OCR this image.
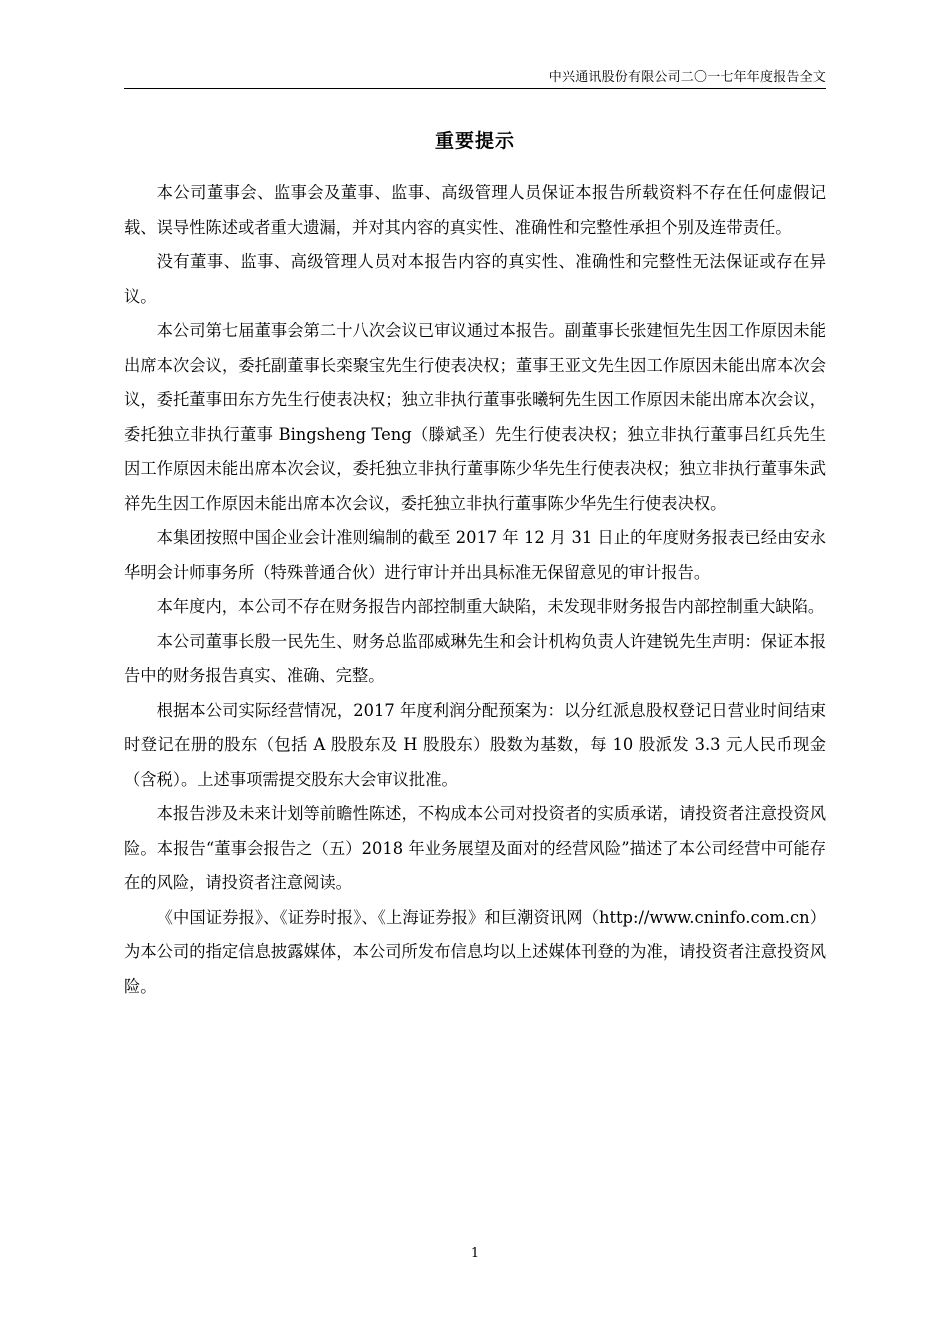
中兴通讯股份有限公司二〇一七年年度报告全文
重要提示

本公司董事会、监事会及董事、监事、高级管理人员保证本报告所载资料不存在任何虚假记载、误导性陈述或者重大遗漏，并对其内容的真实性、准确性和完整性承担个别及连带责任。

没有董事、监事、高级管理人员对本报告内容的真实性、准确性和完整性无法保证或存在异议。

本公司第七届董事会第二十八次会议已审议通过本报告。副董事长张建恒先生因工作原因未能出席本次会议，委托副董事长栾聚宝先生行使表决权；董事王亚文先生因工作原因未能出席本次会议，委托董事田东方先生行使表决权；独立非执行董事张曦轲先生因工作原因未能出席本次会议，委托独立非执行董事 Bingsheng Teng（滕斌圣）先生行使表决权；独立非执行董事吕红兵先生因工作原因未能出席本次会议，委托独立非执行董事陈少华先生行使表决权；独立非执行董事朱武祥先生因工作原因未能出席本次会议，委托独立非执行董事陈少华先生行使表决权。

本集团按照中国企业会计准则编制的截至 2017 年 12 月 31 日止的年度财务报表已经由安永华明会计师事务所（特殊普通合伙）进行审计并出具标准无保留意见的审计报告。

本年度内，本公司不存在财务报告内部控制重大缺陷，未发现非财务报告内部控制重大缺陷。

本公司董事长殷一民先生、财务总监邵威琳先生和会计机构负责人许建锐先生声明：保证本报告中的财务报告真实、准确、完整。

根据本公司实际经营情况，2017 年度利润分配预案为：以分红派息股权登记日营业时间结束时登记在册的股东（包括 A 股股东及 H 股股东）股数为基数，每 10 股派发 3.3 元人民币现金（含税）。上述事项需提交股东大会审议批准。

本报告涉及未来计划等前瞻性陈述，不构成本公司对投资者的实质承诺，请投资者注意投资风险。本报告“董事会报告之（五）2018 年业务展望及面对的经营风险”描述了本公司经营中可能存在的风险，请投资者注意阅读。

《中国证券报》、《证券时报》、《上海证券报》和巨潮资讯网（http://www.cninfo.com.cn）为本公司的指定信息披露媒体，本公司所发布信息均以上述媒体刊登的为准，请投资者注意投资风险。

1
